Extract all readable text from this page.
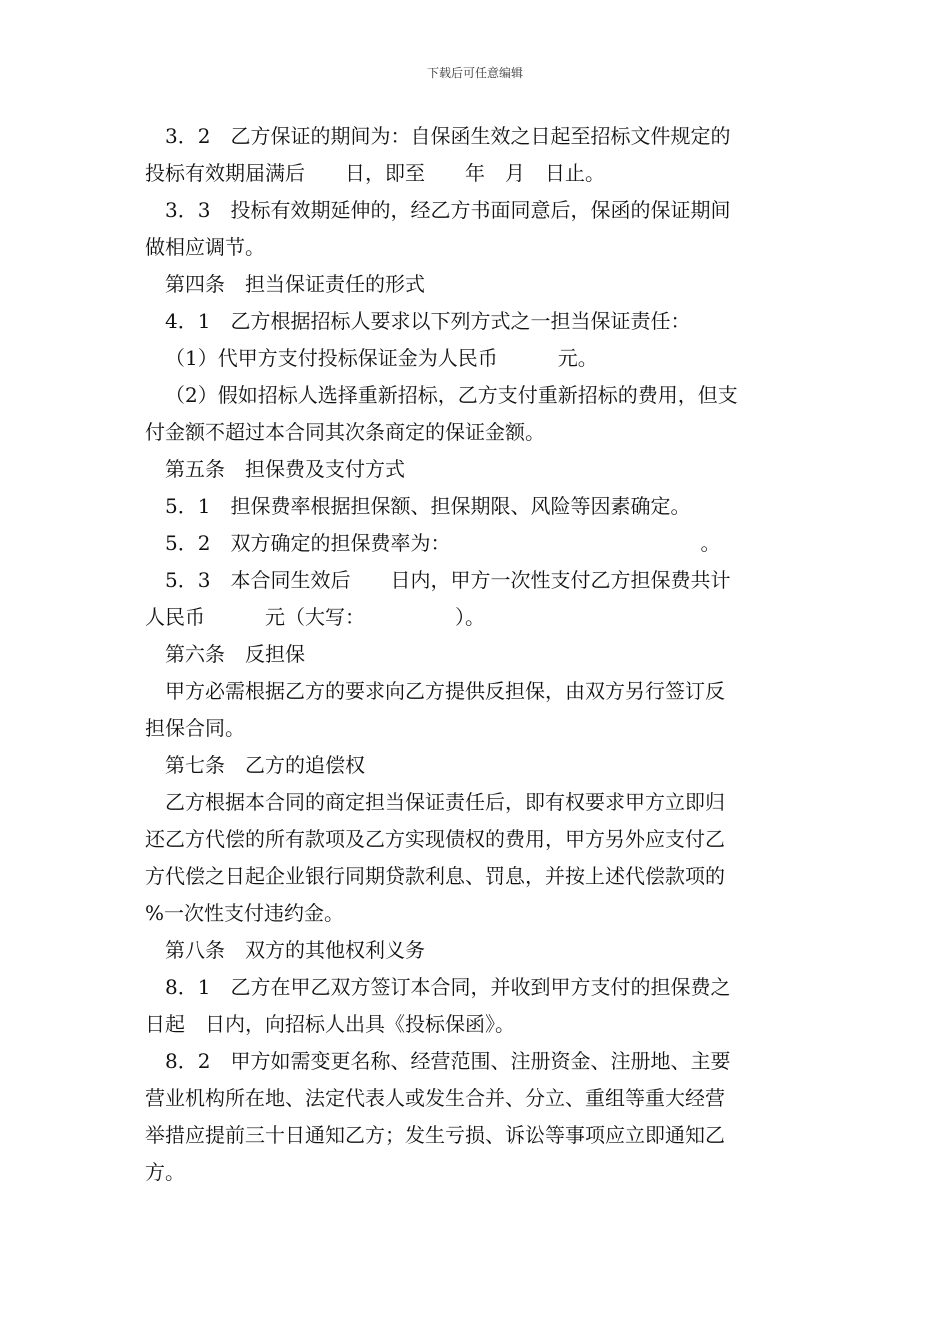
下载后可任意编辑

3．2　乙方保证的期间为：自保函生效之日起至招标文件规定的

投标有效期届满后　　日，即至　　年　月　日止。

3．3　投标有效期延伸的，经乙方书面同意后，保函的保证期间

做相应调节。

第四条　担当保证责任的形式

4．1　乙方根据招标人要求以下列方式之一担当保证责任：

（1）代甲方支付投标保证金为人民币　　　元。

（2）假如招标人选择重新招标，乙方支付重新招标的费用，但支

付金额不超过本合同其次条商定的保证金额。

第五条　担保费及支付方式

5．1　担保费率根据担保额、担保期限、风险等因素确定。

5．2　双方确定的担保费率为：　　　　　　　　　　　　　。

5．3　本合同生效后　　日内，甲方一次性支付乙方担保费共计

人民币　　　元（大写：　　　　　）。

第六条　反担保

甲方必需根据乙方的要求向乙方提供反担保，由双方另行签订反

担保合同。

第七条　乙方的追偿权

乙方根据本合同的商定担当保证责任后，即有权要求甲方立即归

还乙方代偿的所有款项及乙方实现债权的费用，甲方另外应支付乙

方代偿之日起企业银行同期贷款利息、罚息，并按上述代偿款项的

%一次性支付违约金。

第八条　双方的其他权利义务

8．1　乙方在甲乙双方签订本合同，并收到甲方支付的担保费之

日起　日内，向招标人出具《投标保函》。

8．2　甲方如需变更名称、经营范围、注册资金、注册地、主要

营业机构所在地、法定代表人或发生合并、分立、重组等重大经营

举措应提前三十日通知乙方；发生亏损、诉讼等事项应立即通知乙

方。
